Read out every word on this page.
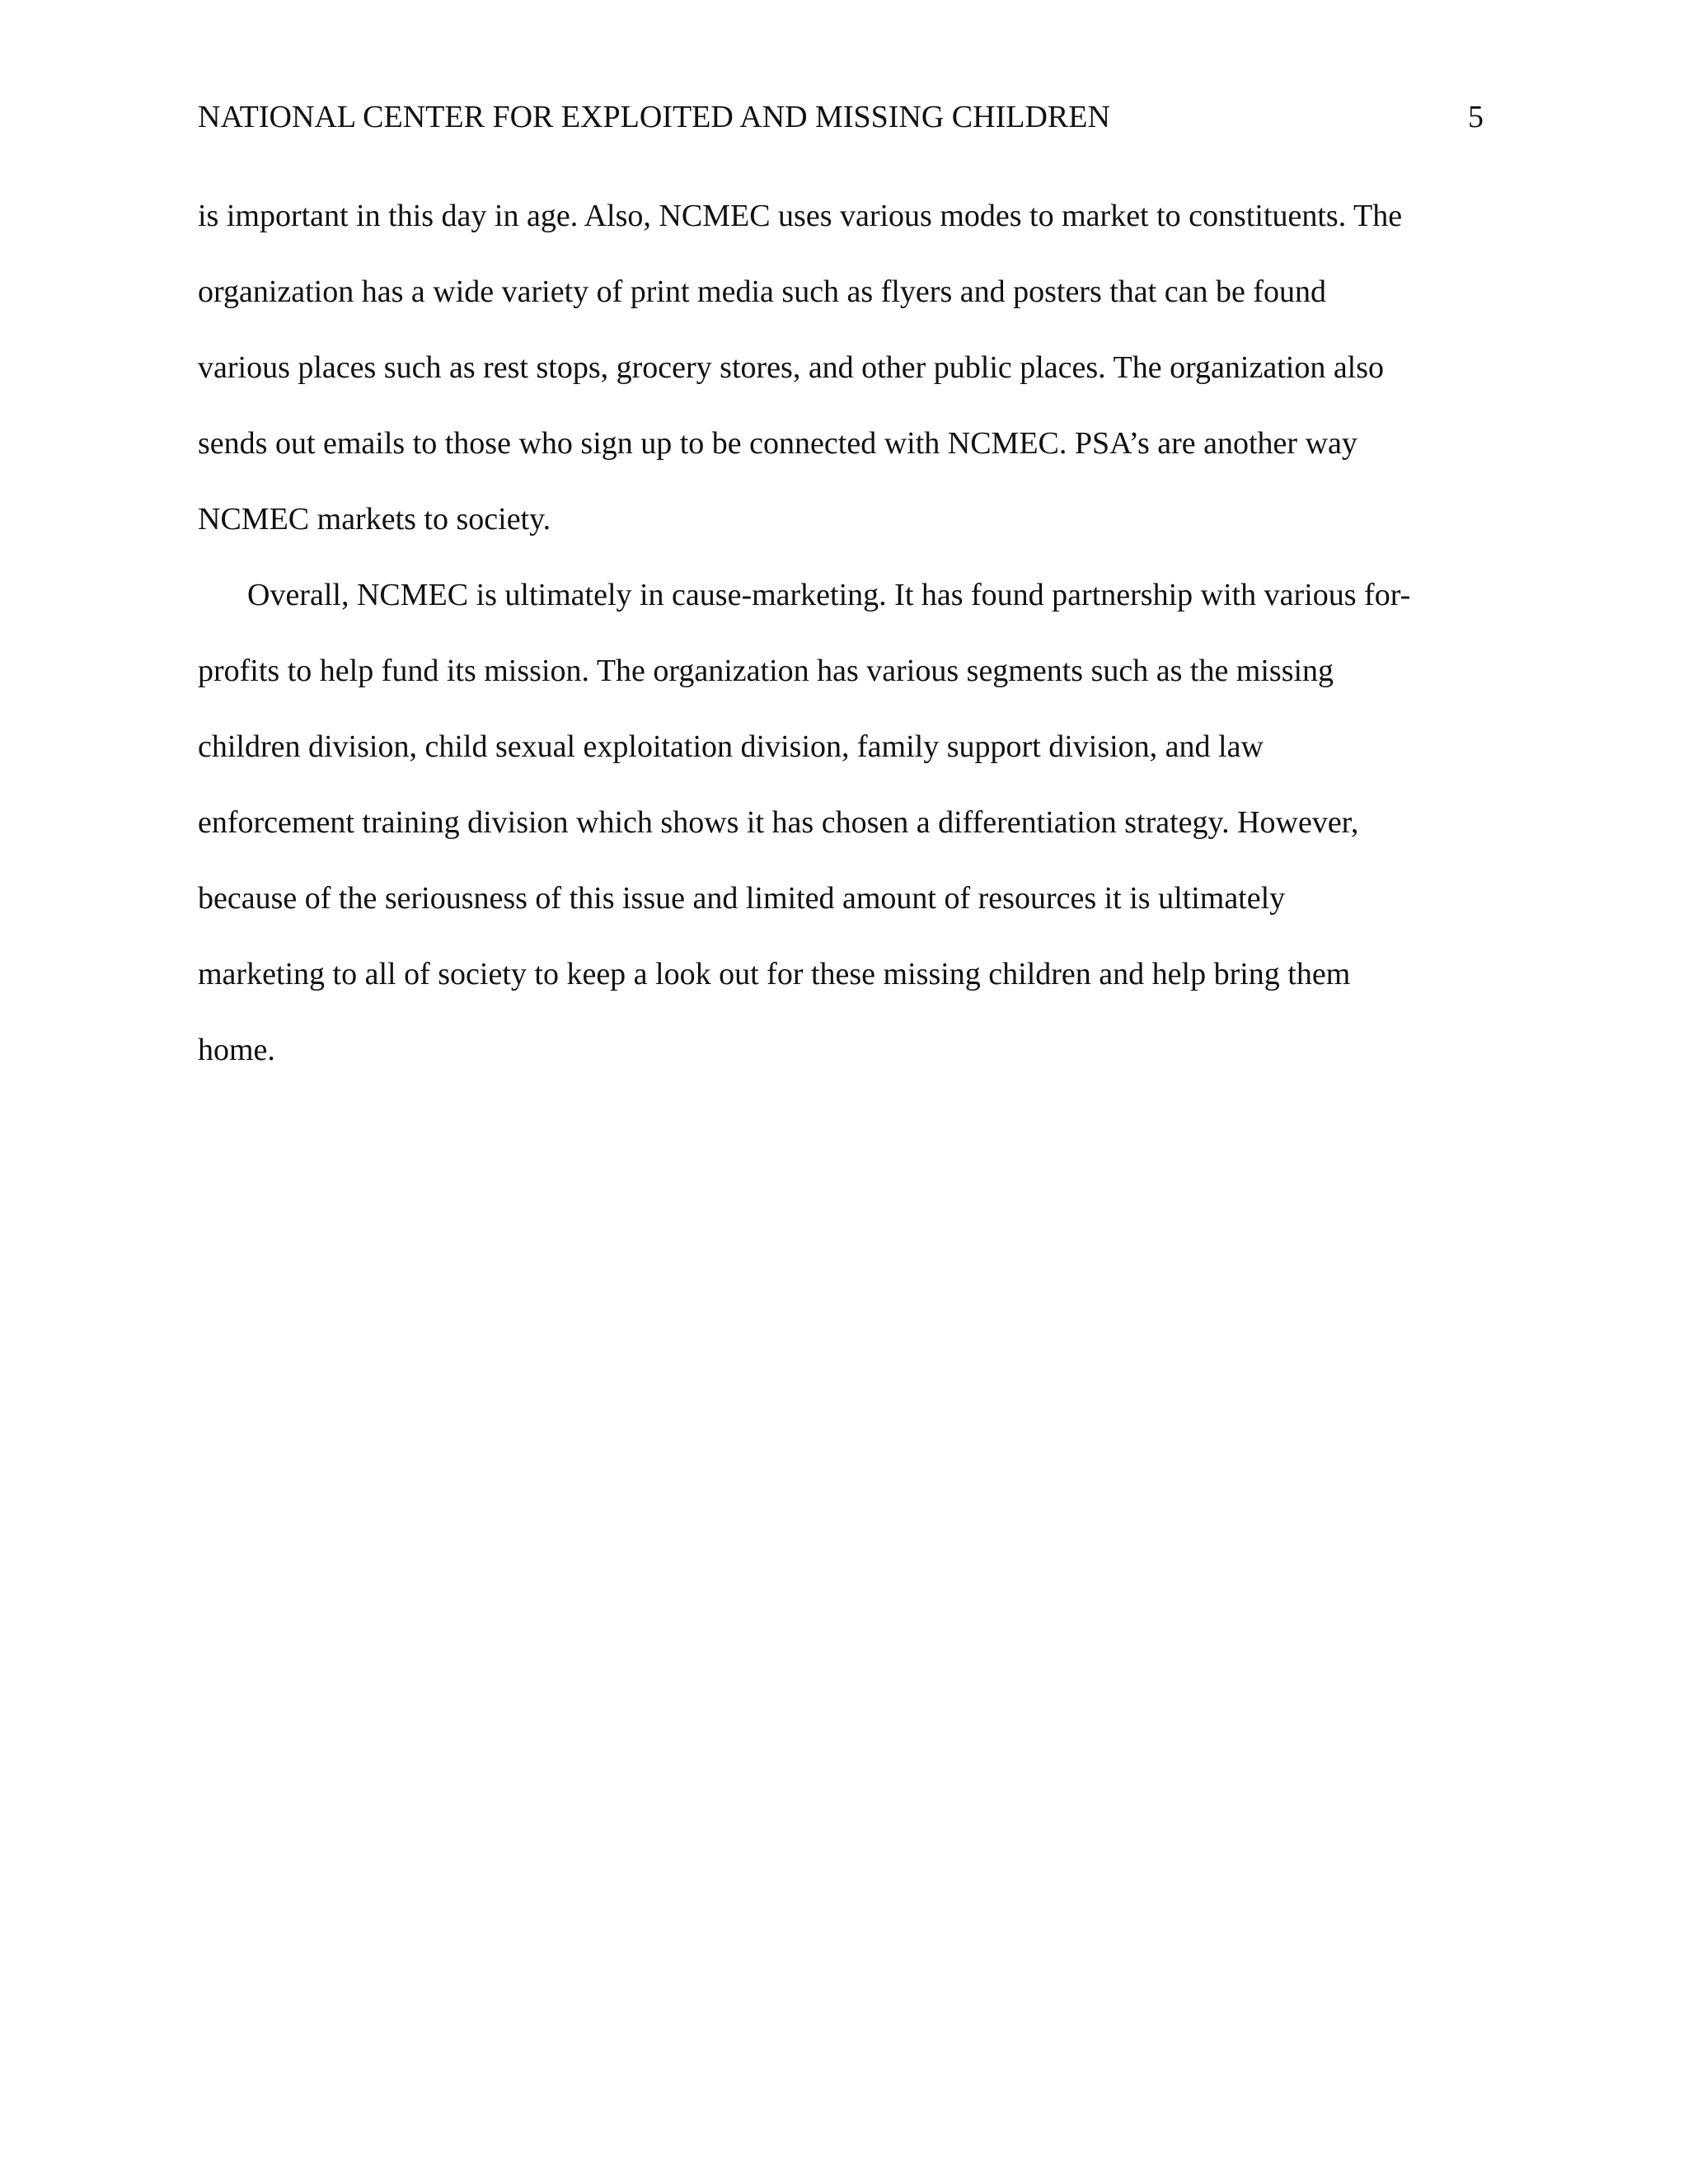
NATIONAL CENTER FOR EXPLOITED AND MISSING CHILDREN	5
is important in this day in age. Also, NCMEC uses various modes to market to constituents. The
organization has a wide variety of print media such as flyers and posters that can be found
various places such as rest stops, grocery stores, and other public places. The organization also
sends out emails to those who sign up to be connected with NCMEC. PSA’s are another way
NCMEC markets to society.
Overall, NCMEC is ultimately in cause-marketing. It has found partnership with various for-
profits to help fund its mission. The organization has various segments such as the missing
children division, child sexual exploitation division, family support division, and law
enforcement training division which shows it has chosen a differentiation strategy. However,
because of the seriousness of this issue and limited amount of resources it is ultimately
marketing to all of society to keep a look out for these missing children and help bring them
home.
